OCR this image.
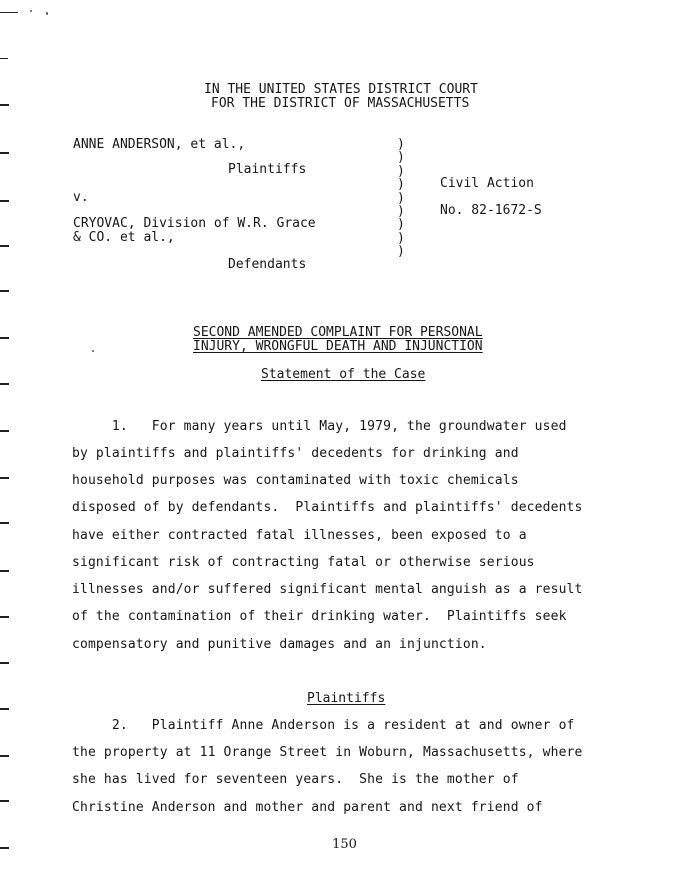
IN THE UNITED STATES DISTRICT COURT
FOR THE DISTRICT OF MASSACHUSETTS
ANNE ANDERSON, et al.,
Plaintiffs
v.
CRYOVAC, Division of W.R. Grace
& CO. et al.,
Defendants
)
)
)
)
)
)
)
)
)
Civil Action
No. 82-1672-S
SECOND AMENDED COMPLAINT FOR PERSONAL
INJURY, WRONGFUL DEATH AND INJUNCTION
Statement of the Case
1.   For many years until May, 1979, the groundwater used
by plaintiffs and plaintiffs' decedents for drinking and
household purposes was contaminated with toxic chemicals
disposed of by defendants.  Plaintiffs and plaintiffs' decedents
have either contracted fatal illnesses, been exposed to a
significant risk of contracting fatal or otherwise serious
illnesses and/or suffered significant mental anguish as a result
of the contamination of their drinking water.  Plaintiffs seek
compensatory and punitive damages and an injunction.
Plaintiffs
2.   Plaintiff Anne Anderson is a resident at and owner of
the property at 11 Orange Street in Woburn, Massachusetts, where
she has lived for seventeen years.  She is the mother of
Christine Anderson and mother and parent and next friend of
150
